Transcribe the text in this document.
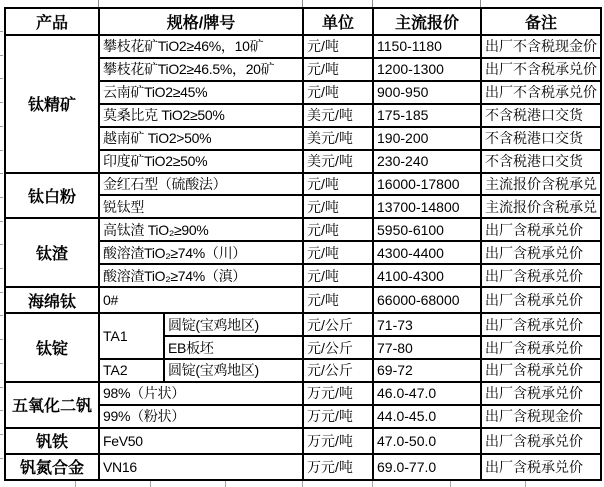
产品	规格/牌号		单位	主流报价	备注
钛精矿	攀枝花矿TiO2≥46%，10矿		元/吨	1150-1180	出厂不含税现金价
	攀枝花矿TiO2≥46.5%，20矿		元/吨	1200-1300	出厂不含税承兑价
	云南矿TiO2≥45%		元/吨	900-950	出厂不含税承兑价
	莫桑比克 TiO2≥50%		美元/吨	175-185	不含税港口交货
	越南矿 TiO2>50%		美元/吨	190-200	不含税港口交货
	印度矿TiO2≥50%		美元/吨	230-240	不含税港口交货
钛白粉	金红石型（硫酸法）		元/吨	16000-17800	主流报价含税承兑
	锐钛型		元/吨	13700-14800	主流报价含税承兑
钛渣	高钛渣 TiO₂≥90%		元/吨	5950-6100	出厂含税承兑价
	酸溶渣TiO₂≥74%（川）		元/吨	4300-4400	出厂含税承兑价
	酸溶渣TiO₂≥74%（滇）		元/吨	4100-4300	出厂含税承兑价
海绵钛	0#		元/吨	66000-68000	出厂含税承兑价
钛锭	TA1	圆锭(宝鸡地区)	元/公斤	71-73	出厂含税承兑价
		EB板坯	元/公斤	77-80	出厂含税承兑价
	TA2	圆锭(宝鸡地区)	元/公斤	69-72	出厂含税承兑价
五氧化二钒	98%（片状）		万元/吨	46.0-47.0	出厂含税承兑价
	99%（粉状）		万元/吨	44.0-45.0	出厂含税现金价
钒铁	FeV50		万元/吨	47.0-50.0	出厂含税承兑价
钒氮合金	VN16		万元/吨	69.0-77.0	出厂含税承兑价
